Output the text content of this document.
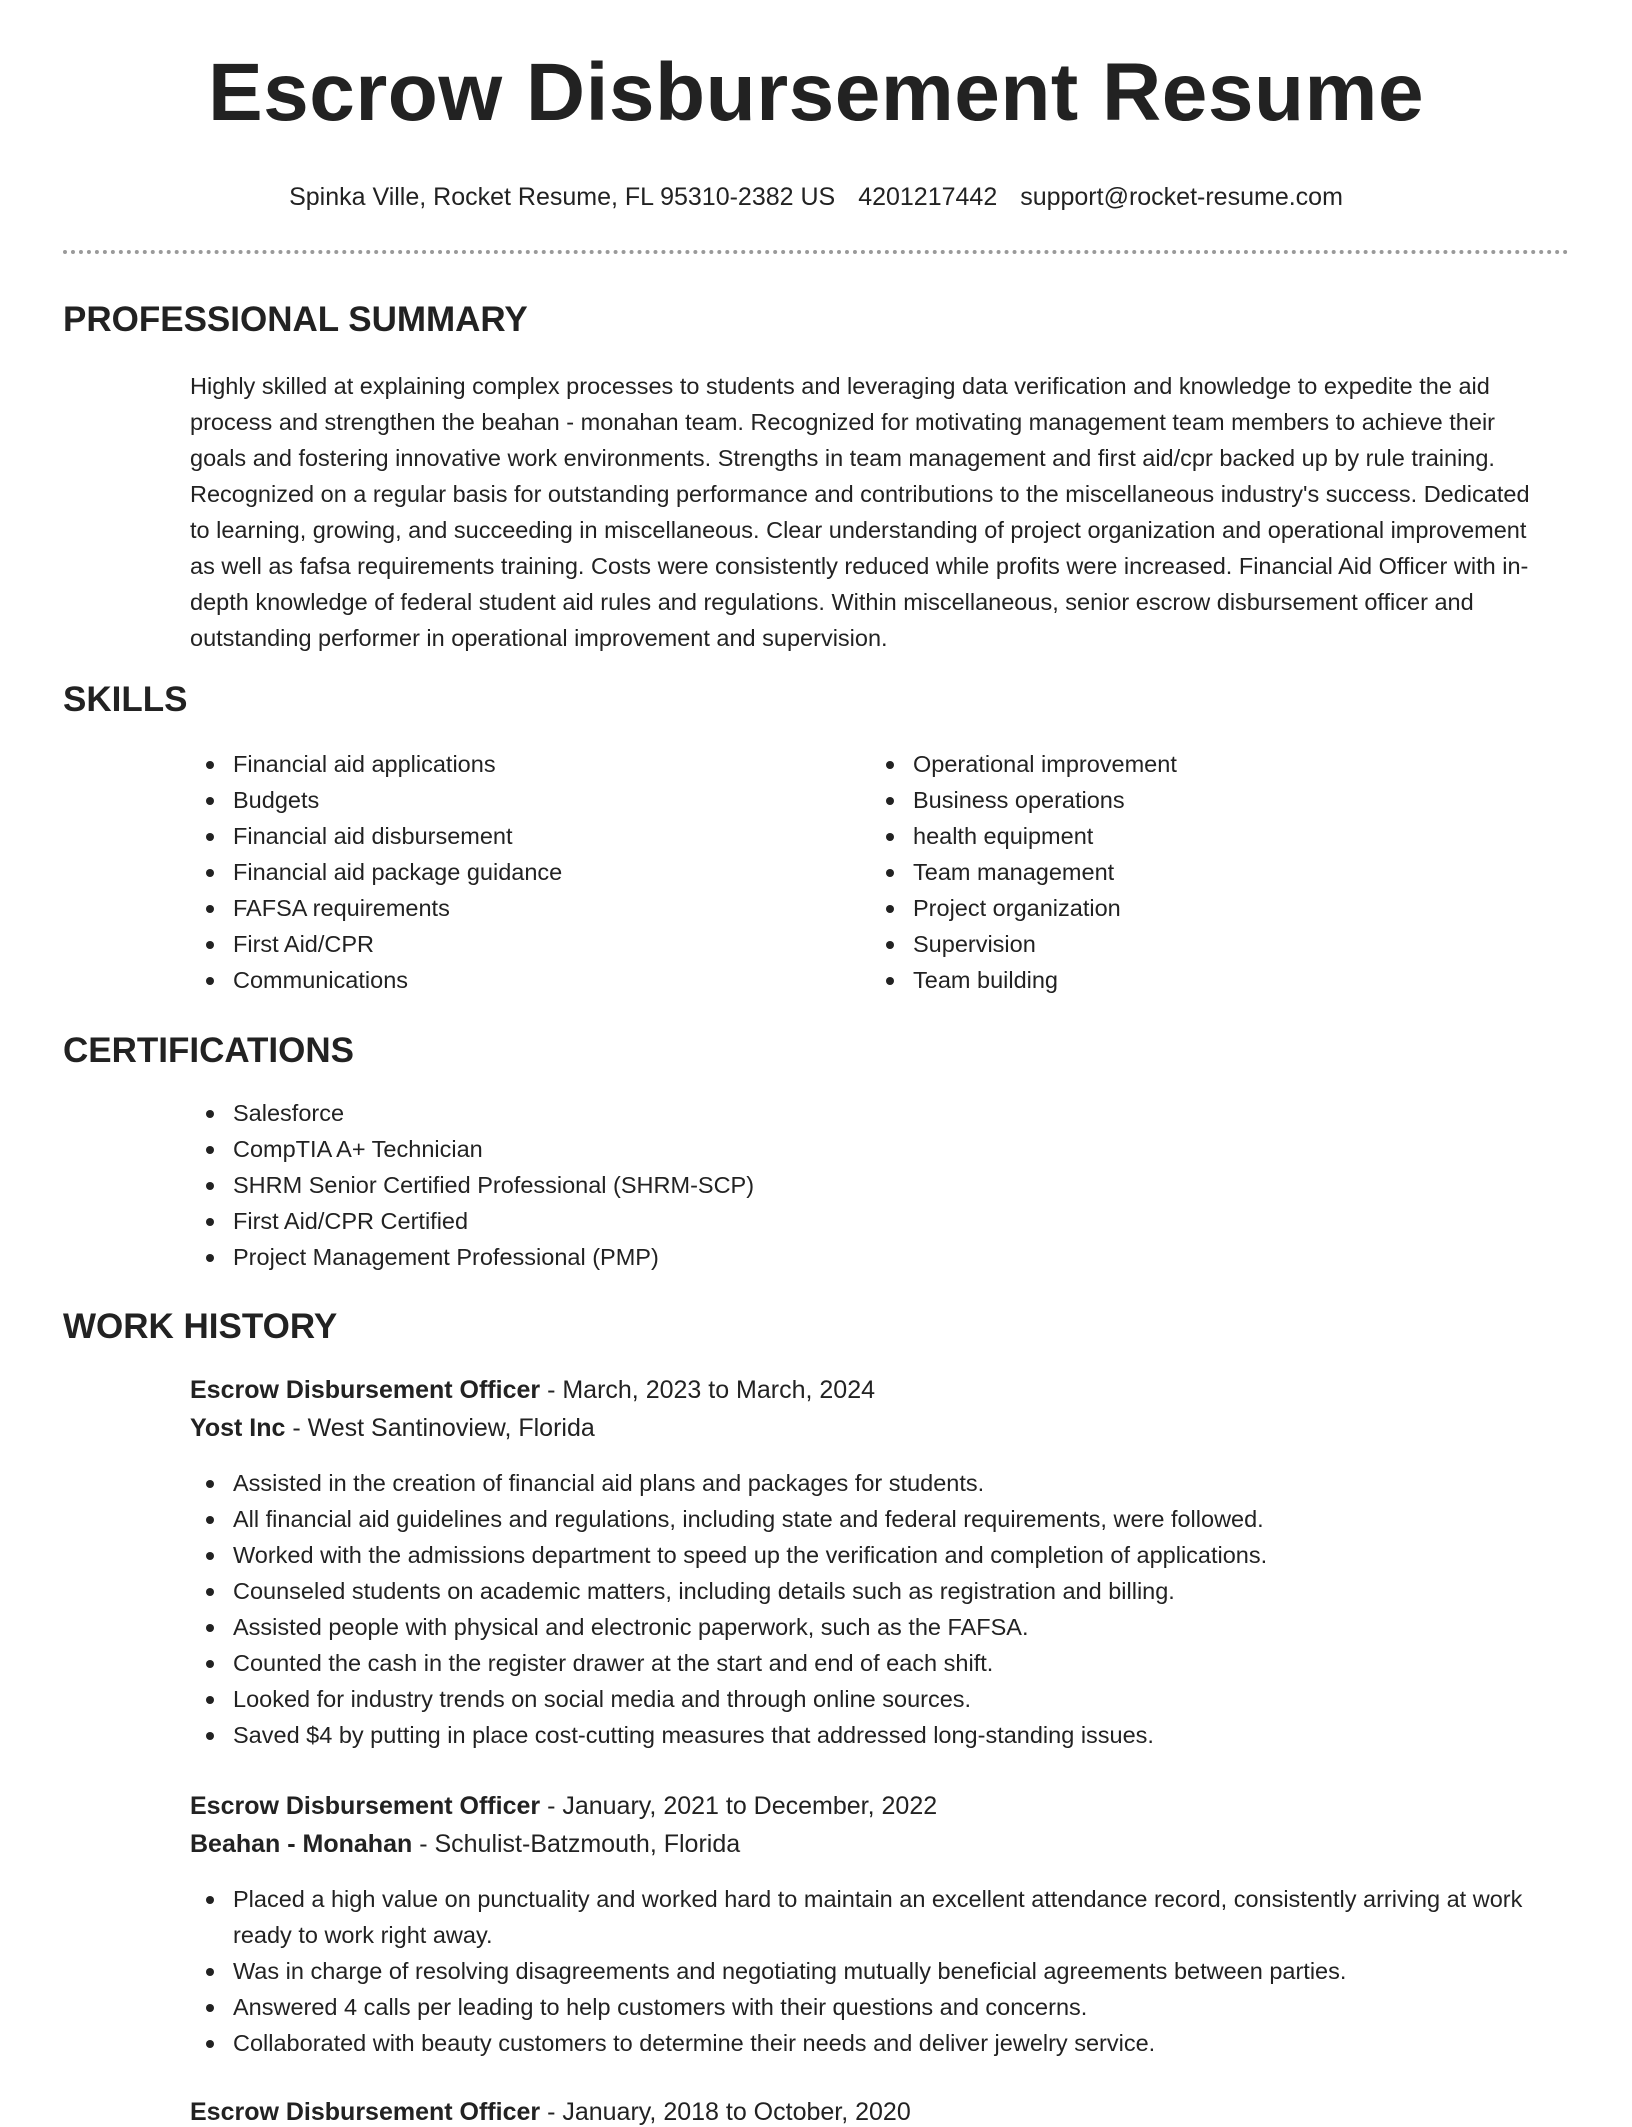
Escrow Disbursement Resume
Spinka Ville, Rocket Resume, FL 95310-2382 US 4201217442 support@rocket-resume.com
PROFESSIONAL SUMMARY

Highly skilled at explaining complex processes to students and leveraging data verification and knowledge to expedite the aid process and strengthen the beahan - monahan team. Recognized for motivating management team members to achieve their goals and fostering innovative work environments. Strengths in team management and first aid/cpr backed up by rule training. Recognized on a regular basis for outstanding performance and contributions to the miscellaneous industry's success. Dedicated to learning, growing, and succeeding in miscellaneous. Clear understanding of project organization and operational improvement as well as fafsa requirements training. Costs were consistently reduced while profits were increased. Financial Aid Officer with in-depth knowledge of federal student aid rules and regulations. Within miscellaneous, senior escrow disbursement officer and outstanding performer in operational improvement and supervision.

SKILLS
Financial aid applications
Budgets
Financial aid disbursement
Financial aid package guidance
FAFSA requirements
First Aid/CPR
Communications
Operational improvement
Business operations
health equipment
Team management
Project organization
Supervision
Team building
CERTIFICATIONS
Salesforce
CompTIA A+ Technician
SHRM Senior Certified Professional (SHRM-SCP)
First Aid/CPR Certified
Project Management Professional (PMP)
WORK HISTORY
Escrow Disbursement Officer - March, 2023 to March, 2024
Yost Inc - West Santinoview, Florida
Assisted in the creation of financial aid plans and packages for students.
All financial aid guidelines and regulations, including state and federal requirements, were followed.
Worked with the admissions department to speed up the verification and completion of applications.
Counseled students on academic matters, including details such as registration and billing.
Assisted people with physical and electronic paperwork, such as the FAFSA.
Counted the cash in the register drawer at the start and end of each shift.
Looked for industry trends on social media and through online sources.
Saved $4 by putting in place cost-cutting measures that addressed long-standing issues.
Escrow Disbursement Officer - January, 2021 to December, 2022
Beahan - Monahan - Schulist-Batzmouth, Florida
Placed a high value on punctuality and worked hard to maintain an excellent attendance record, consistently arriving at work ready to work right away.
Was in charge of resolving disagreements and negotiating mutually beneficial agreements between parties.
Answered 4 calls per leading to help customers with their questions and concerns.
Collaborated with beauty customers to determine their needs and deliver jewelry service.
Escrow Disbursement Officer - January, 2018 to October, 2020
